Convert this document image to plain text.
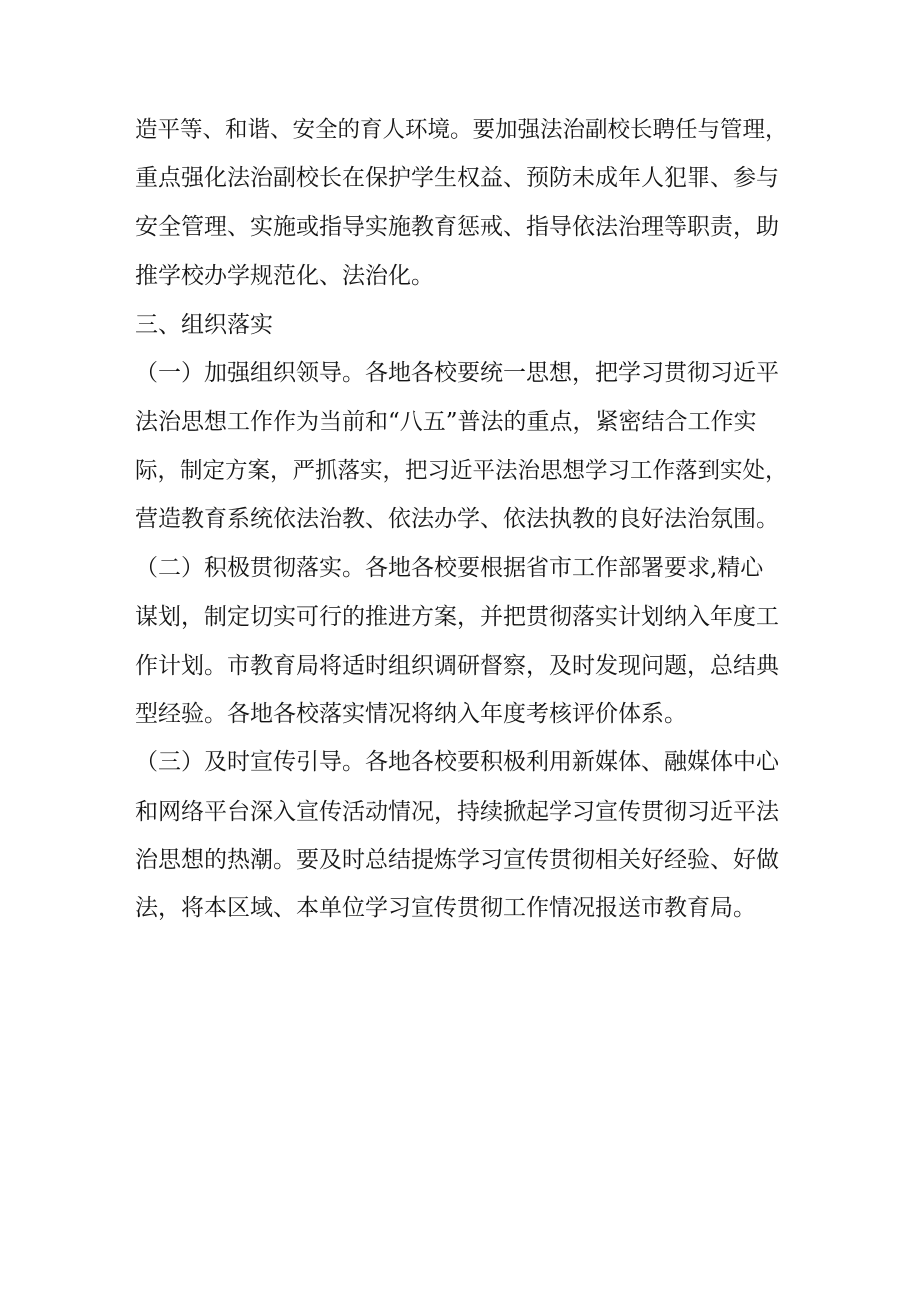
造平等、和谐、安全的育人环境。要加强法治副校长聘任与管理，

重点强化法治副校长在保护学生权益、预防未成年人犯罪、参与

安全管理、实施或指导实施教育惩戒、指导依法治理等职责，助

推学校办学规范化、法治化。

三、组织落实

（一）加强组织领导。各地各校要统一思想，把学习贯彻习近平

法治思想工作作为当前和“八五”普法的重点，紧密结合工作实

际，制定方案，严抓落实，把习近平法治思想学习工作落到实处，

营造教育系统依法治教、依法办学、依法执教的良好法治氛围。

（二）积极贯彻落实。各地各校要根据省市工作部署要求,精心

谋划，制定切实可行的推进方案，并把贯彻落实计划纳入年度工

作计划。市教育局将适时组织调研督察，及时发现问题，总结典

型经验。各地各校落实情况将纳入年度考核评价体系。

（三）及时宣传引导。各地各校要积极利用新媒体、融媒体中心

和网络平台深入宣传活动情况，持续掀起学习宣传贯彻习近平法

治思想的热潮。要及时总结提炼学习宣传贯彻相关好经验、好做

法，将本区域、本单位学习宣传贯彻工作情况报送市教育局。
